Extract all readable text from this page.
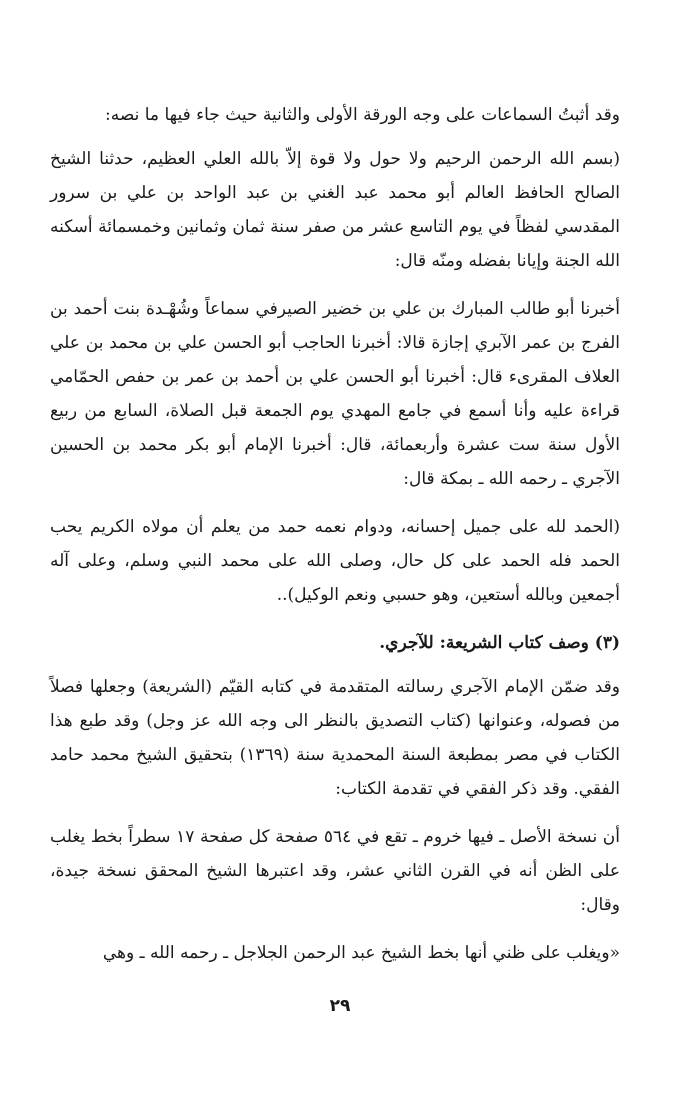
وقد أثبتُ السماعات على وجه الورقة الأولى والثانية حيث جاء فيها ما نصه:

(بسم الله الرحمن الرحيم ولا حول ولا قوة إلاّ بالله العلي العظيم، حدثنا الشيخ الصالح الحافظ العالم أبو محمد عبد الغني بن عبد الواحد بن علي بن سرور المقدسي لفظاً في يوم التاسع عشر من صفر سنة ثمان وثمانين وخمسمائة أسكنه الله الجنة وإيانا بفضله ومنّه قال:

أخبرنا أبو طالب المبارك بن علي بن خضير الصيرفي سماعاً وشُهْـدة بنت أحمد بن الفرج بن عمر الآبري إجازة قالا: أخبرنا الحاجب أبو الحسن علي بن محمد بن علي العلاف المقرىء قال: أخبرنا أبو الحسن علي بن أحمد بن عمر بن حفص الحمّامي قراءة عليه وأنا أسمع في جامع المهدي يوم الجمعة قبل الصلاة، السابع من ربيع الأول سنة ست عشرة وأربعمائة، قال: أخبرنا الإمام أبو بكر محمد بن الحسين الآجري ـ رحمه الله ـ بمكة قال:

(الحمد لله على جميل إحسانه، ودوام نعمه حمد من يعلم أن مولاه الكريم يحب الحمد فله الحمد على كل حال، وصلى الله على محمد النبي وسلم، وعلى آله أجمعين وبالله أستعين، وهو حسبي ونعم الوكيل)..

(٣) وصف كتاب الشريعة: للآجري.

وقد ضمّن الإمام الآجري رسالته المتقدمة في كتابه القيّم (الشريعة) وجعلها فصلاً من فصوله، وعنوانها (كتاب التصديق بالنظر الى وجه الله عز وجل) وقد طبع هذا الكتاب في مصر بمطبعة السنة المحمدية سنة (١٣٦٩) بتحقيق الشيخ محمد حامد الفقي. وقد ذكر الفقي في تقدمة الكتاب:

أن نسخة الأصل ـ فيها خروم ـ تقع في ٥٦٤ صفحة كل صفحة ١٧ سطراً بخط يغلب على الظن أنه في القرن الثاني عشر، وقد اعتبرها الشيخ المحقق نسخة جيدة، وقال:

«ويغلب على ظني أنها بخط الشيخ عبد الرحمن الجلاجل ـ رحمه الله ـ وهي

٢٩
